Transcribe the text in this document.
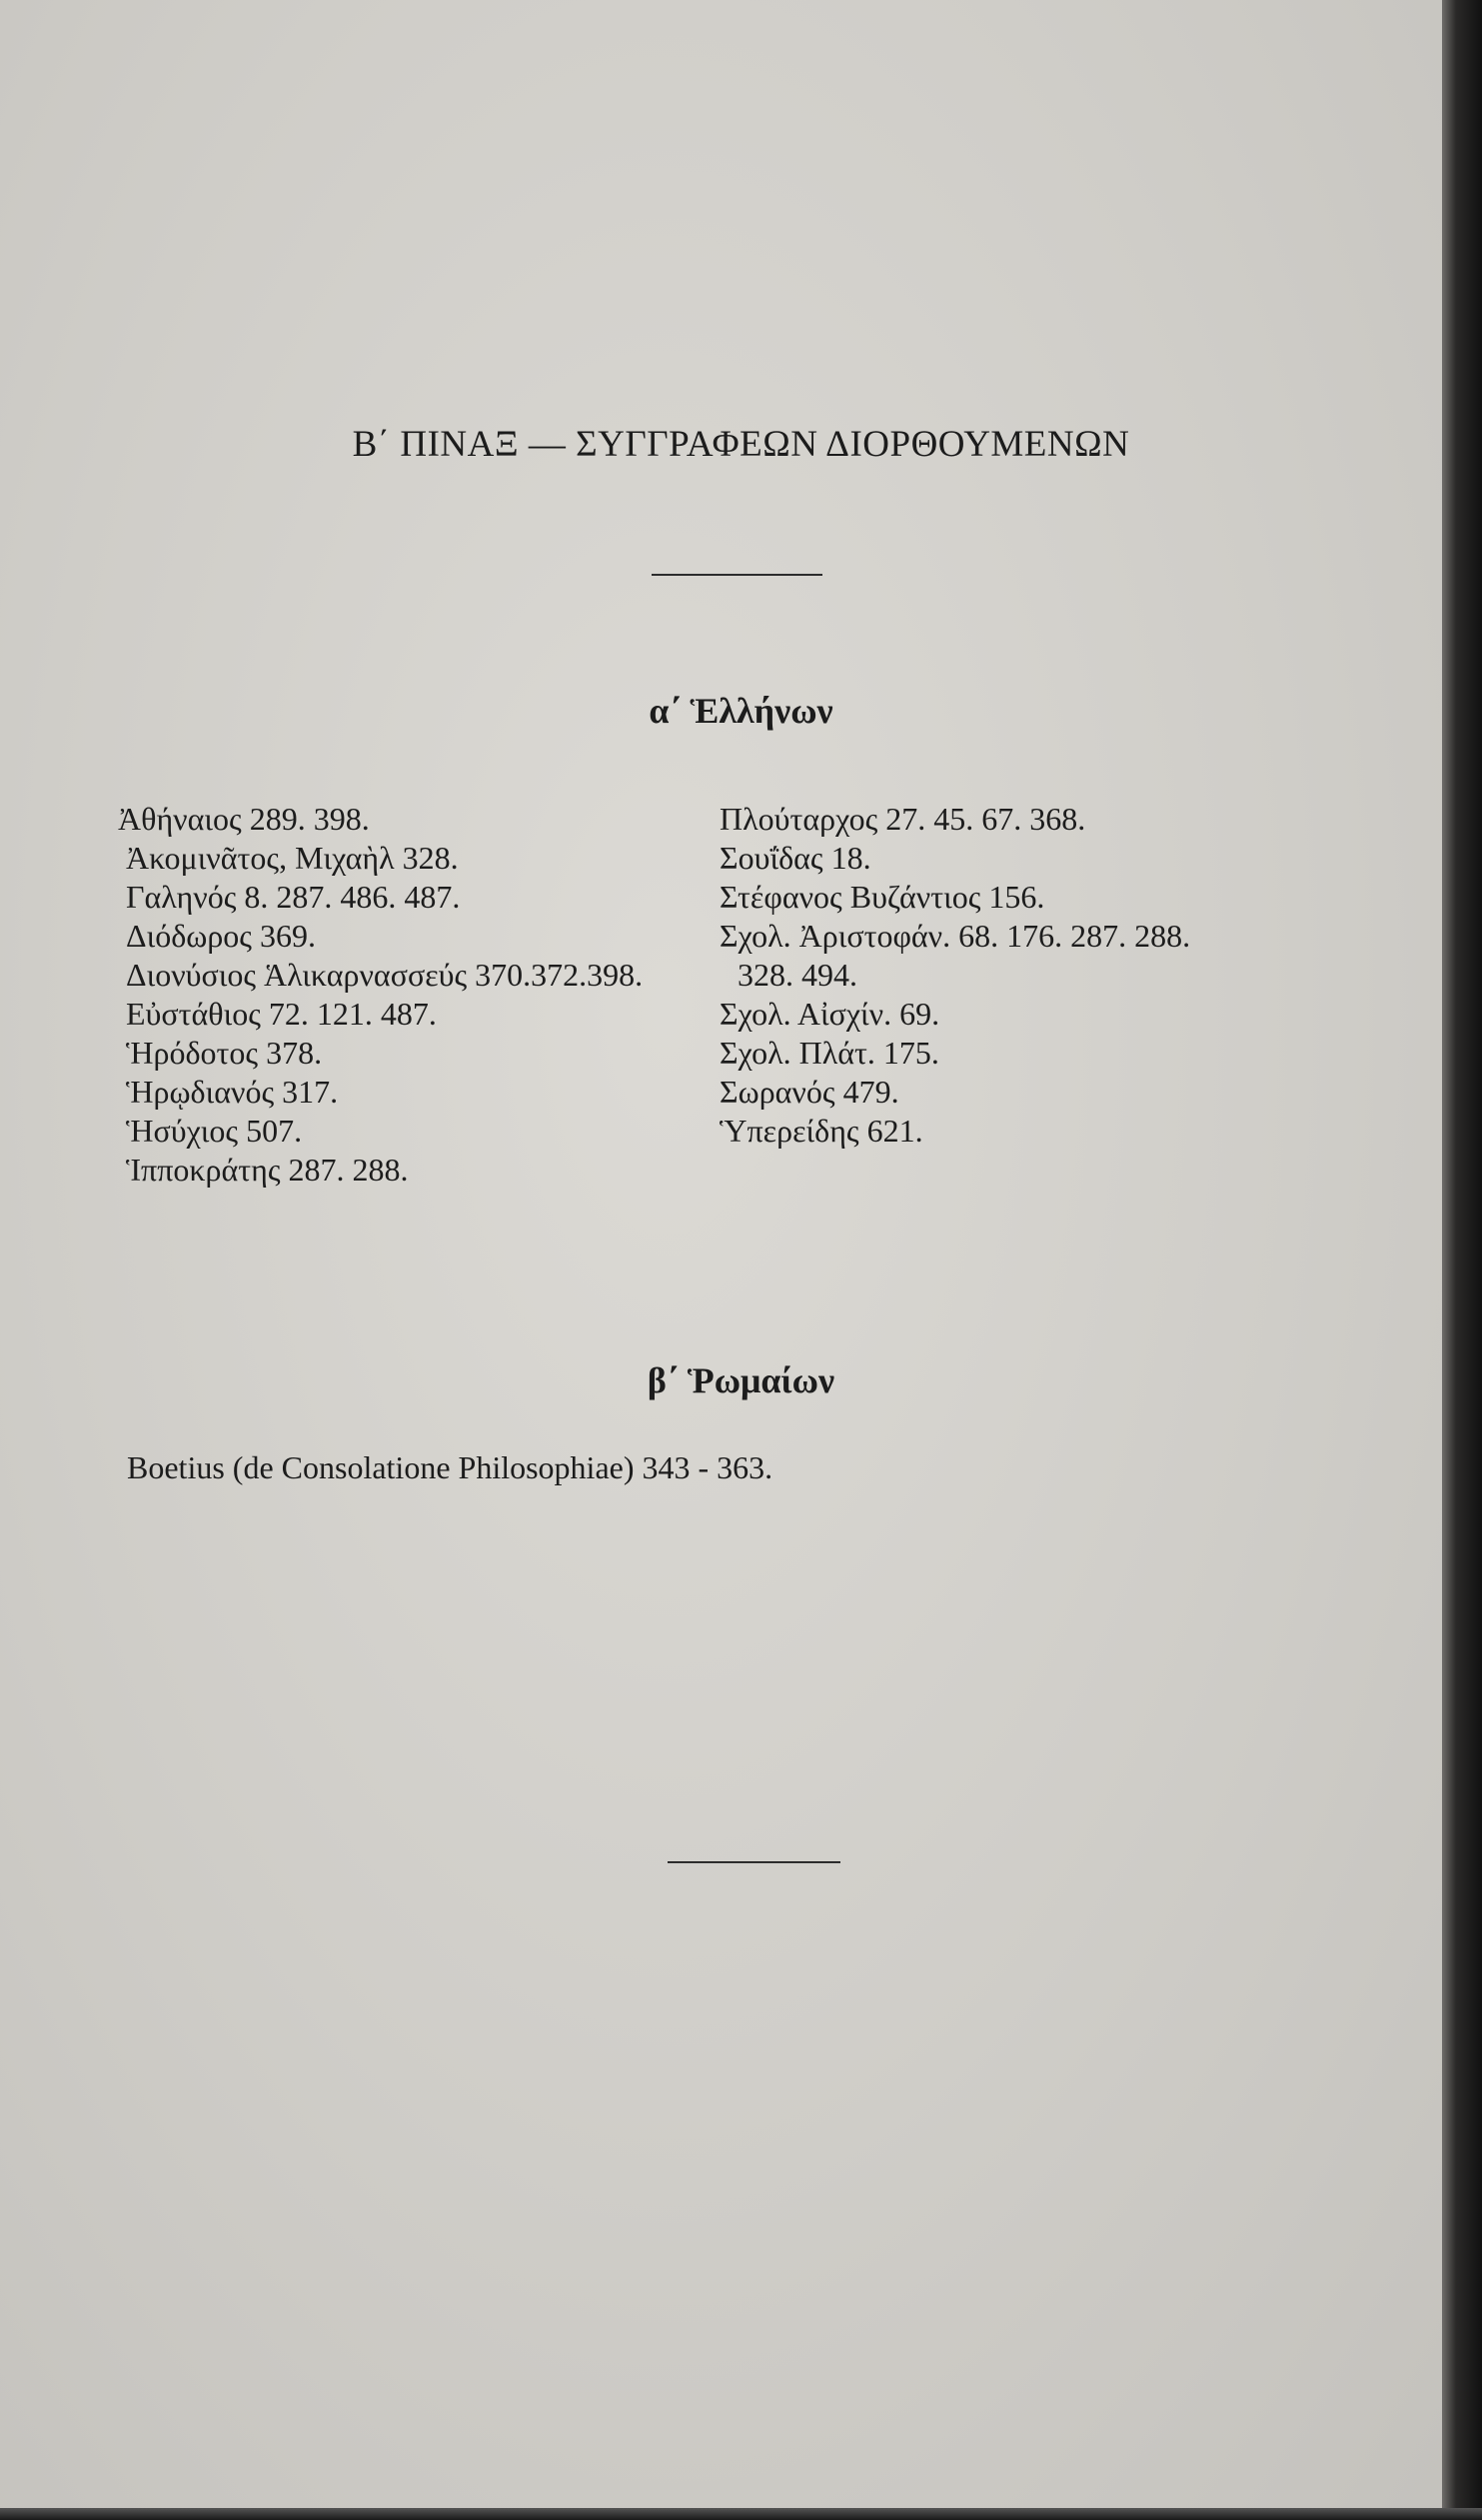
Β΄ ΠΙΝΑΞ — ΣΥΓΓΡΑΦΕΩΝ ΔΙΟΡΘΟΥΜΕΝΩΝ
α΄ Ἑλλήνων
Ἀθήναιος 289. 398.
Ἀκομινᾶτος, Μιχαὴλ 328.
Γαληνός 8. 287. 486. 487.
Διόδωρος 369.
Διονύσιος Ἁλικαρνασσεύς 370.372.398.
Εὐστάθιος 72. 121. 487.
Ἡρόδοτος 378.
Ἡρῳδιανός 317.
Ἡσύχιος 507.
Ἱπποκράτης 287. 288.
Πλούταρχος 27. 45. 67. 368.
Σουΐδας 18.
Στέφανος Βυζάντιος 156.
Σχολ. Ἀριστοφάν. 68. 176. 287. 288.
328. 494.
Σχολ. Αἰσχίν. 69.
Σχολ. Πλάτ. 175.
Σωρανός 479.
Ὑπερείδης 621.
β΄ Ῥωμαίων
Boetius (de Consolatione Philosophiae) 343 - 363.
